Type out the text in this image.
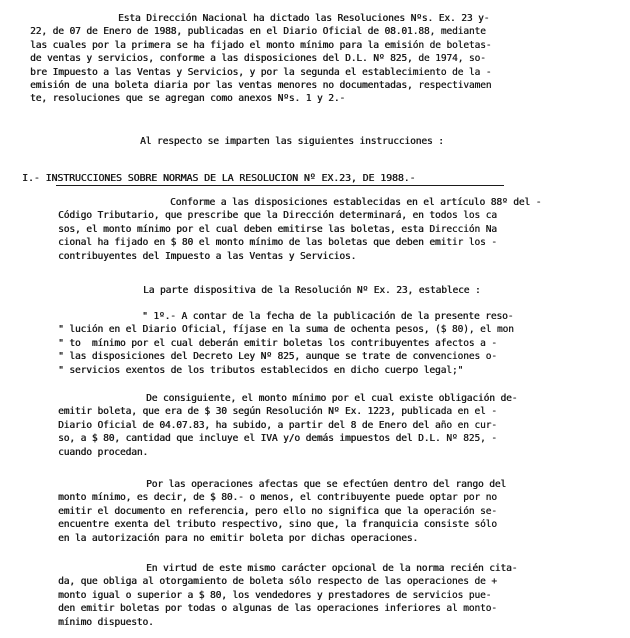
Esta Dirección Nacional ha dictado las Resoluciones Nºs. Ex. 23 y-
22, de 07 de Enero de 1988, publicadas en el Diario Oficial de 08.01.88, mediante
las cuales por la primera se ha fijado el monto mínimo para la emisión de boletas-
de ventas y servicios, conforme a las disposiciones del D.L. Nº 825, de 1974, so-
bre Impuesto a las Ventas y Servicios, y por la segunda el establecimiento de la -
emisión de una boleta diaria por las ventas menores no documentadas, respectivamen
te, resoluciones que se agregan como anexos Nºs. 1 y 2.-
Al respecto se imparten las siguientes instrucciones :
I.- INSTRUCCIONES SOBRE NORMAS DE LA RESOLUCION Nº EX.23, DE 1988.-
Conforme a las disposiciones establecidas en el artículo 88º del -
Código Tributario, que prescribe que la Dirección determinará, en todos los ca
sos, el monto mínimo por el cual deben emitirse las boletas, esta Dirección Na
cional ha fijado en $ 80 el monto mínimo de las boletas que deben emitir los -
contribuyentes del Impuesto a las Ventas y Servicios.
La parte dispositiva de la Resolución Nº Ex. 23, establece :
" 1º.- A contar de la fecha de la publicación de la presente reso-
" lución en el Diario Oficial, fíjase en la suma de ochenta pesos, ($ 80), el mon
" to  mínimo por el cual deberán emitir boletas los contribuyentes afectos a -
" las disposiciones del Decreto Ley Nº 825, aunque se trate de convenciones o-
" servicios exentos de los tributos establecidos en dicho cuerpo legal;"
De consiguiente, el monto mínimo por el cual existe obligación de-
emitir boleta, que era de $ 30 según Resolución Nº Ex. 1223, publicada en el -
Diario Oficial de 04.07.83, ha subido, a partir del 8 de Enero del año en cur-
so, a $ 80, cantidad que incluye el IVA y/o demás impuestos del D.L. Nº 825, -
cuando procedan.
Por las operaciones afectas que se efectúen dentro del rango del
monto mínimo, es decir, de $ 80.- o menos, el contribuyente puede optar por no
emitir el documento en referencia, pero ello no significa que la operación se-
encuentre exenta del tributo respectivo, sino que, la franquicia consiste sólo
en la autorización para no emitir boleta por dichas operaciones.
En virtud de este mismo carácter opcional de la norma recién cita-
da, que obliga al otorgamiento de boleta sólo respecto de las operaciones de +
monto igual o superior a $ 80, los vendedores y prestadores de servicios pue-
den emitir boletas por todas o algunas de las operaciones inferiores al monto-
mínimo dispuesto.
